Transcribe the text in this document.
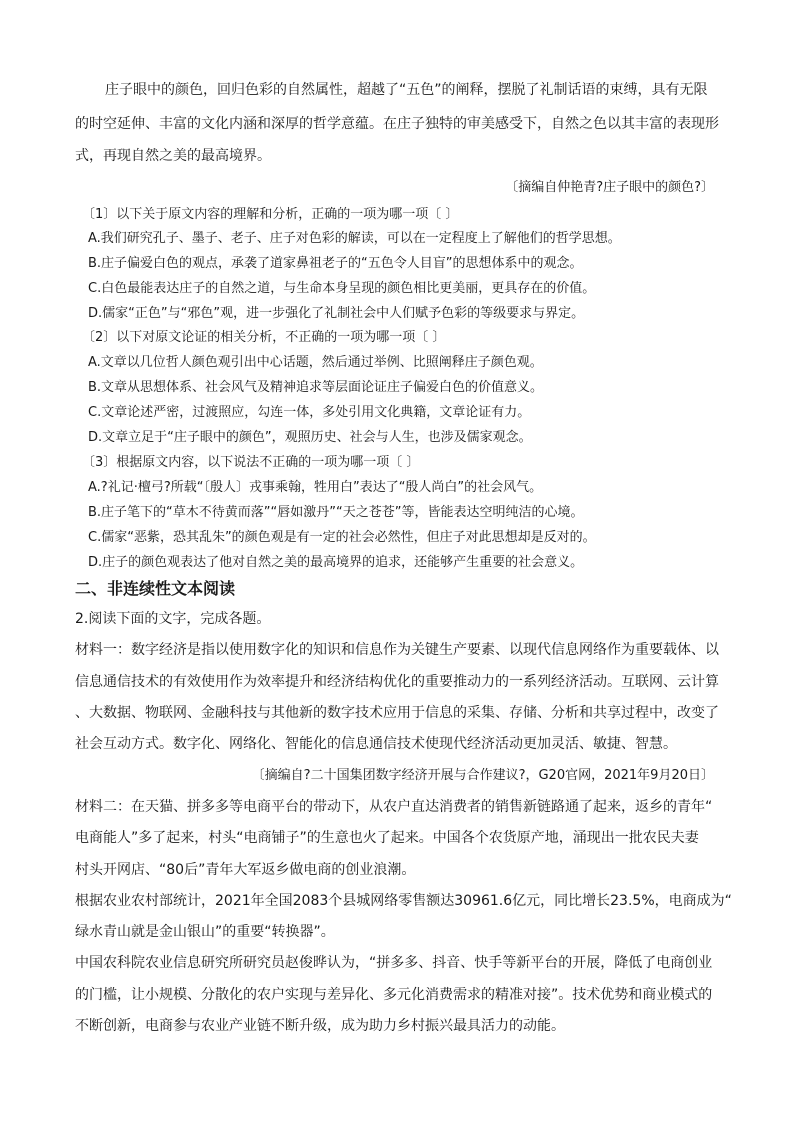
庄子眼中的颜色，回归色彩的自然属性，超越了“五色”的阐释，摆脱了礼制话语的束缚，具有无限
的时空延伸、丰富的文化内涵和深厚的哲学意蕴。在庄子独特的审美感受下，自然之色以其丰富的表现形
式，再现自然之美的最高境界。
〔摘编自仲艳青?庄子眼中的颜色?〕
〔1〕以下关于原文内容的理解和分析，正确的一项为哪一项〔 〕
A.我们研究孔子、墨子、老子、庄子对色彩的解读，可以在一定程度上了解他们的哲学思想。
B.庄子偏爱白色的观点，承袭了道家鼻祖老子的“五色令人目盲”的思想体系中的观念。
C.白色最能表达庄子的自然之道，与生命本身呈现的颜色相比更美丽，更具存在的价值。
D.儒家“正色”与“邪色”观，进一步强化了礼制社会中人们赋予色彩的等级要求与界定。
〔2〕以下对原文论证的相关分析，不正确的一项为哪一项〔 〕
A.文章以几位哲人颜色观引出中心话题，然后通过举例、比照阐释庄子颜色观。
B.文章从思想体系、社会风气及精神追求等层面论证庄子偏爱白色的价值意义。
C.文章论述严密，过渡照应，勾连一体，多处引用文化典籍，文章论证有力。
D.文章立足于“庄子眼中的颜色”，观照历史、社会与人生，也涉及儒家观念。
〔3〕根据原文内容，以下说法不正确的一项为哪一项〔 〕
A.?礼记·檀弓?所载“〔殷人〕戎事乘翰，牲用白”表达了“殷人尚白”的社会风气。
B.庄子笔下的“草木不待黄而落”“唇如激丹”“天之苍苍”等，皆能表达空明纯洁的心境。
C.儒家“恶紫，恐其乱朱”的颜色观是有一定的社会必然性，但庄子对此思想却是反对的。
D.庄子的颜色观表达了他对自然之美的最高境界的追求，还能够产生重要的社会意义。
二、非连续性文本阅读
2.阅读下面的文字，完成各题。
材料一：数字经济是指以使用数字化的知识和信息作为关键生产要素、以现代信息网络作为重要载体、以
信息通信技术的有效使用作为效率提升和经济结构优化的重要推动力的一系列经济活动。互联网、云计算
、大数据、物联网、金融科技与其他新的数字技术应用于信息的采集、存储、分析和共享过程中，改变了
社会互动方式。数字化、网络化、智能化的信息通信技术使现代经济活动更加灵活、敏捷、智慧。
〔摘编自?二十国集团数字经济开展与合作建议?，G20官网，2021年9月20日〕
材料二：在天猫、拼多多等电商平台的带动下，从农户直达消费者的销售新链路通了起来，返乡的青年“
电商能人”多了起来，村头“电商铺子”的生意也火了起来。中国各个农货原产地，涌现出一批农民夫妻
村头开网店、“80后”青年大军返乡做电商的创业浪潮。
根据农业农村部统计，2021年全国2083个县城网络零售额达30961.6亿元，同比增长23.5%，电商成为“
绿水青山就是金山银山”的重要“转换器”。
中国农科院农业信息研究所研究员赵俊晔认为，“拼多多、抖音、快手等新平台的开展，降低了电商创业
的门槛，让小规模、分散化的农户实现与差异化、多元化消费需求的精准对接”。技术优势和商业模式的
不断创新，电商参与农业产业链不断升级，成为助力乡村振兴最具活力的动能。
